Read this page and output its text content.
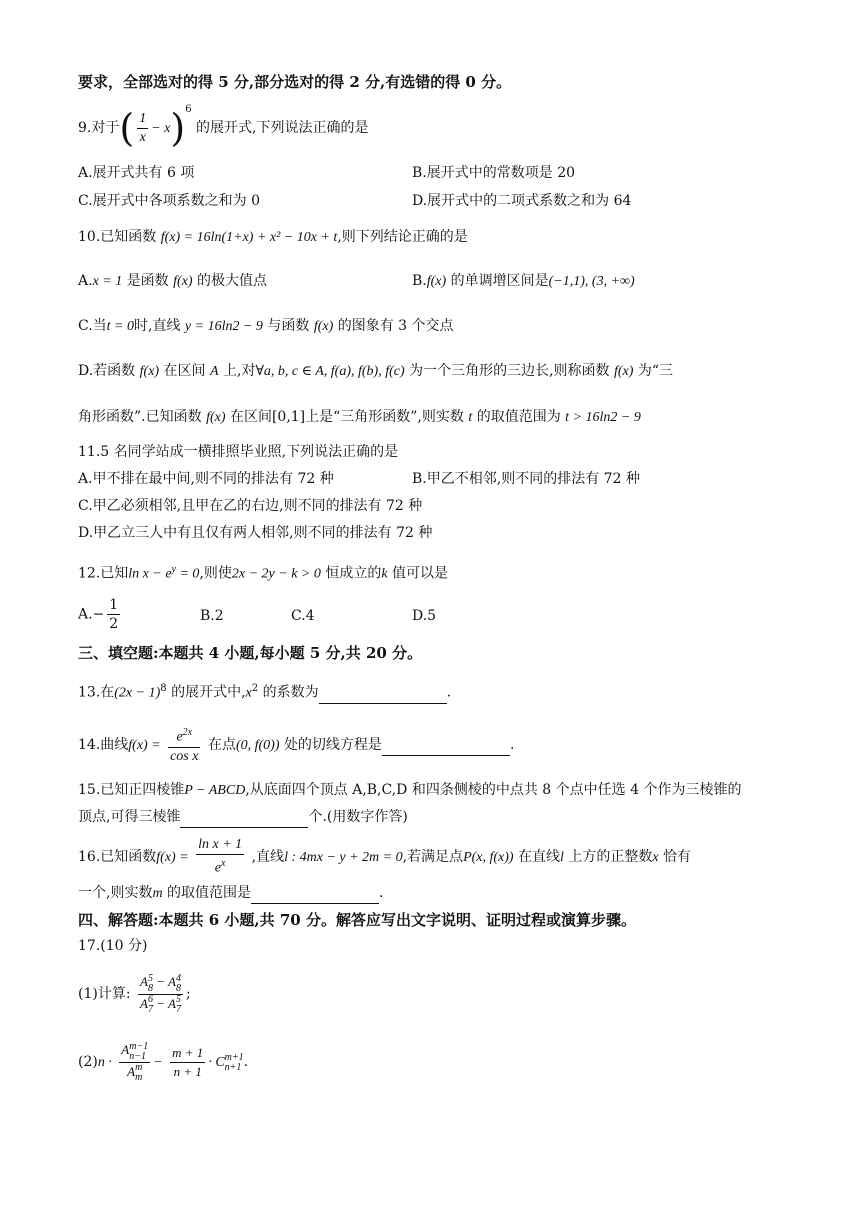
要求，全部选对的得 5 分,部分选对的得 2 分,有选错的得 0 分。
9.对于( $\frac{1}{x} - x)^6$ 的展开式,下列说法正确的是
A.展开式共有 6 项	B.展开式中的常数项是 20
C.展开式中各项系数之和为 0	D.展开式中的二项式系数之和为 64
10.已知函数 f(x) = 16ln(1+x) + x² − 10x + t,则下列结论正确的是
A.x = 1 是函数 f(x) 的极大值点	B.f(x) 的单调增区间是(−1,1), (3, +∞)
C.当t = 0时,直线 y = 16ln2 − 9 与函数 f(x) 的图象有 3 个交点
D.若函数 f(x) 在区间 A 上,对∀a, b, c ∈ A, f(a), f(b), f(c) 为一个三角形的三边长,则称函数 f(x) 为“三
角形函数”.已知函数 f(x) 在区间[0,1]上是“三角形函数”,则实数 t 的取值范围为 t > 16ln2 − 9
11.5 名同学站成一横排照毕业照,下列说法正确的是
A.甲不排在最中间,则不同的排法有 72 种	B.甲乙不相邻,则不同的排法有 72 种
C.甲乙必须相邻,且甲在乙的右边,则不同的排法有 72 种
D.甲乙立三人中有且仅有两人相邻,则不同的排法有 72 种
12.已知$\ln x - e^y = 0$,则使2x − 2y − k > 0 恒成立的k 值可以是
$A.- \frac{1}{2}$	B.2	C.4	D.5
三、填空题:本题共 4 小题,每小题 5 分,共 20 分。
13.在$(2x - 1)^8$ 的展开式中$,x^2$ 的系数为	.
14.曲线$f(x) = \frac{e^{2x}}{\text{cos x}}$ 在点(0, f(0)) 处的切线方程是	.
15.已知正四棱锥P − ABCD,从底面四个顶点 A,B,C,D 和四条侧棱的中点共 8 个点中任选 4 个作为三棱锥的
顶点,可得三棱锥	个.(用数字作答)
16.已知函数$f(x) = \frac{\text{ln x + 1}}{e^x}$ ,直线l : 4mx − y + 2m = 0,若满足点P(x, f(x)) 在直线l 上方的正整数x 恰有
一个,则实数m 的取值范围是	.
四、解答题:本题共 6 小题,共 70 分。解答应写出文字说明、证明过程或演算步骤。
17.(10 分)
(1)计算: A 5
8 − A 4
8
A 6
7 − A 5
7 ;
(2)n · A m−1
n−1
A m
$m - \frac{m + 1}{n + 1} \cdot C$ m+1
n+1 .
